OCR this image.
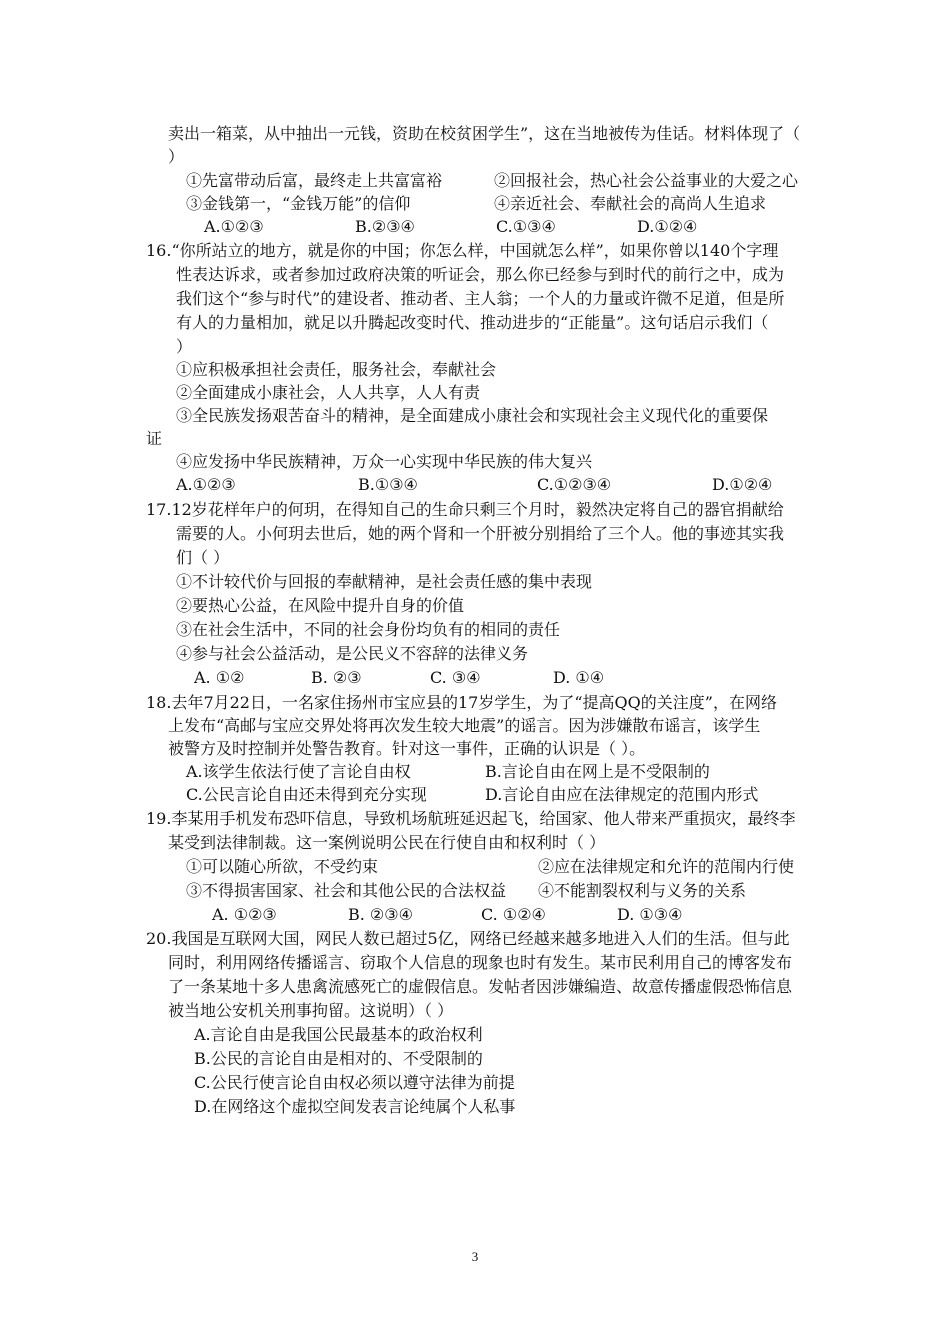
卖出一箱菜，从中抽出一元钱，资助在校贫困学生”，这在当地被传为佳话。材料体现了（
）
①先富带动后富，最终走上共富富裕	②回报社会，热心社会公益事业的大爱之心
③金钱第一，“金钱万能”的信仰	④亲近社会、奉献社会的高尚人生追求
A.①②③	B.②③④	C.①③④	D.①②④
16.“你所站立的地方，就是你的中国；你怎么样，中国就怎么样”，如果你曾以140个字理
性表达诉求，或者参加过政府决策的听证会，那么你已经参与到时代的前行之中，成为
我们这个“参与时代”的建设者、推动者、主人翁；一个人的力量或许微不足道，但是所
有人的力量相加，就足以升腾起改变时代、推动进步的“正能量”。这句话启示我们（
）
①应积极承担社会责任，服务社会，奉献社会
②全面建成小康社会，人人共享，人人有责
③全民族发扬艰苦奋斗的精神，是全面建成小康社会和实现社会主义现代化的重要保
证
④应发扬中华民族精神，万众一心实现中华民族的伟大复兴
A.①②③	B.①③④	C.①②③④	D.①②④
17.12岁花样年户的何玥，在得知自己的生命只剩三个月时，毅然决定将自己的器官捐献给
需要的人。小何玥去世后，她的两个肾和一个肝被分别捐给了三个人。他的事迹其实我
们（ ）
①不计较代价与回报的奉献精神，是社会责任感的集中表现
②要热心公益，在风险中提升自身的价值
③在社会生活中，不同的社会身份均负有的相同的责任
④参与社会公益活动，是公民义不容辞的法律义务
A. ①②	B. ②③	C. ③④	D. ①④
18.去年7月22日，一名家住扬州市宝应县的17岁学生，为了“提高QQ的关注度”，在网络
上发布“高邮与宝应交界处将再次发生较大地震”的谣言。因为涉嫌散布谣言，该学生
被警方及时控制并处警告教育。针对这一事件，正确的认识是（ ）。
A.该学生依法行使了言论自由权	B.言论自由在网上是不受限制的
C.公民言论自由还未得到充分实现	D.言论自由应在法律规定的范围内形式
19.李某用手机发布恐吓信息，导致机场航班延迟起飞，给国家、他人带来严重损灾，最终李
某受到法律制裁。这一案例说明公民在行使自由和权利时（ ）
①可以随心所欲，不受约束	②应在法律规定和允许的范闱内行使
③不得损害国家、社会和其他公民的合法权益 ④不能割裂权利与义务的关系
A. ①②③	B. ②③④	C. ①②④	D. ①③④
20.我国是互联网大国，网民人数已超过5亿，网络已经越来越多地进入人们的生活。但与此
同时，利用网络传播谣言、窃取个人信息的现象也时有发生。某市民利用自己的博客发布
了一条某地十多人患禽流感死亡的虚假信息。发帖者因涉嫌编造、故意传播虚假恐怖信息
被当地公安机关刑事拘留。这说明）（ ）
A.言论自由是我国公民最基本的政治权利
B.公民的言论自由是相对的、不受限制的
C.公民行使言论自由权必须以遵守法律为前提
D.在网络这个虚拟空间发表言论纯属个人私事
3
